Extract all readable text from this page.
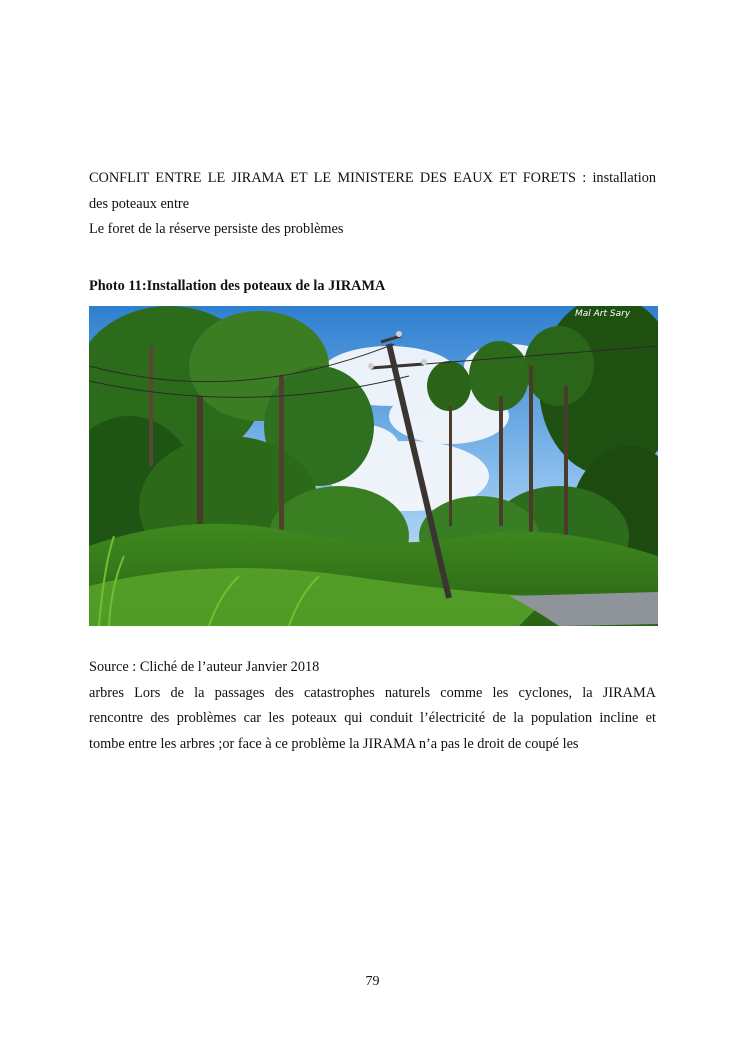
CONFLIT ENTRE LE JIRAMA ET LE MINISTERE DES EAUX ET FORETS : installation
des poteaux entre
Le foret de la réserve persiste des problèmes
Photo 11:Installation des poteaux de la JIRAMA
Mal Art Sary
Source : Cliché de l’auteur Janvier 2018
arbres Lors de la passages des catastrophes naturels comme les cyclones, la JIRAMA
rencontre des problèmes car les poteaux qui conduit l’électricité de la population incline et
tombe entre les arbres ;or face à ce problème la JIRAMA n’a pas le droit de coupé les
79
